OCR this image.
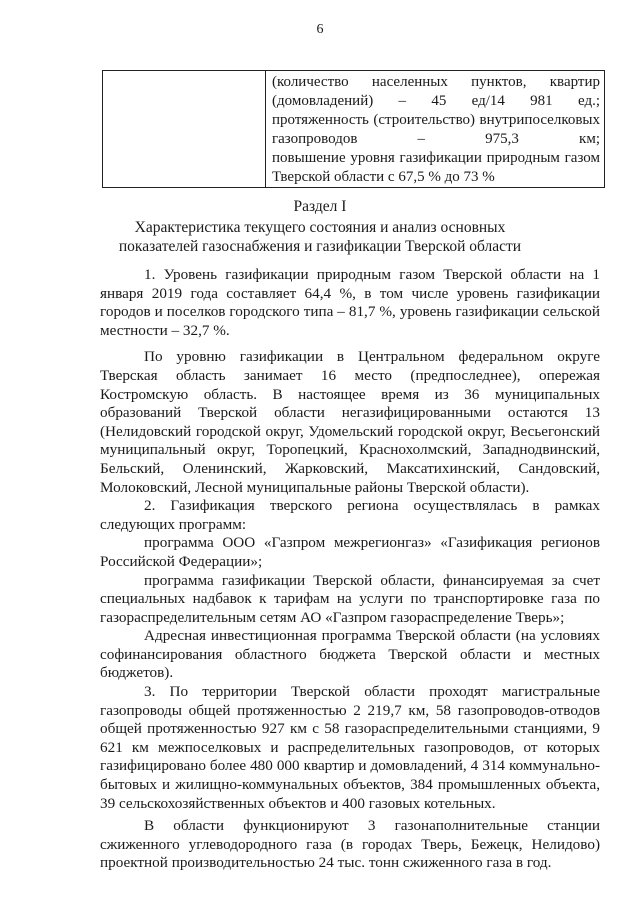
6

(количество населенных пунктов, квартир (домовладений) – 45 ед/14 981 ед.;

протяженность (строительство) внутрипоселковых газопроводов – 975,3 км;

повышение уровня газификации природным газом Тверской области с 67,5 % до 73 %

Раздел I
Характеристика текущего состояния и анализ основных показателей газоснабжения и газификации Тверской области

1. Уровень газификации природным газом Тверской области на 1 января 2019 года составляет 64,4 %, в том числе уровень газификации городов и поселков городского типа – 81,7 %, уровень газификации сельской местности – 32,7 %.

По уровню газификации в Центральном федеральном округе Тверская область занимает 16 место (предпоследнее), опережая Костромскую область. В настоящее время из 36 муниципальных образований Тверской области негазифицированными остаются 13 (Нелидовский городской округ, Удомельский городской округ, Весьегонский муниципальный округ, Торопецкий, Краснохолмский, Западнодвинский, Бельский, Оленинский, Жарковский, Максатихинский, Сандовский, Молоковский, Лесной муниципальные районы Тверской области).

2. Газификация тверского региона осуществлялась в рамках следующих программ:

программа ООО «Газпром межрегионгаз» «Газификация регионов Российской Федерации»;

программа газификации Тверской области, финансируемая за счет специальных надбавок к тарифам на услуги по транспортировке газа по газораспределительным сетям АО «Газпром газораспределение Тверь»;

Адресная инвестиционная программа Тверской области (на условиях софинансирования областного бюджета Тверской области и местных бюджетов).

3. По территории Тверской области проходят магистральные газопроводы общей протяженностью 2 219,7 км, 58 газопроводов-отводов общей протяженностью 927 км с 58 газораспределительными станциями, 9 621 км межпоселковых и распределительных газопроводов, от которых газифицировано более 480 000 квартир и домовладений, 4 314 коммунально-бытовых и жилищно-коммунальных объектов, 384 промышленных объекта, 39 сельскохозяйственных объектов и 400 газовых котельных.

В области функционируют 3 газонаполнительные станции сжиженного углеводородного газа (в городах Тверь, Бежецк, Нелидово) проектной производительностью 24 тыс. тонн сжиженного газа в год.
